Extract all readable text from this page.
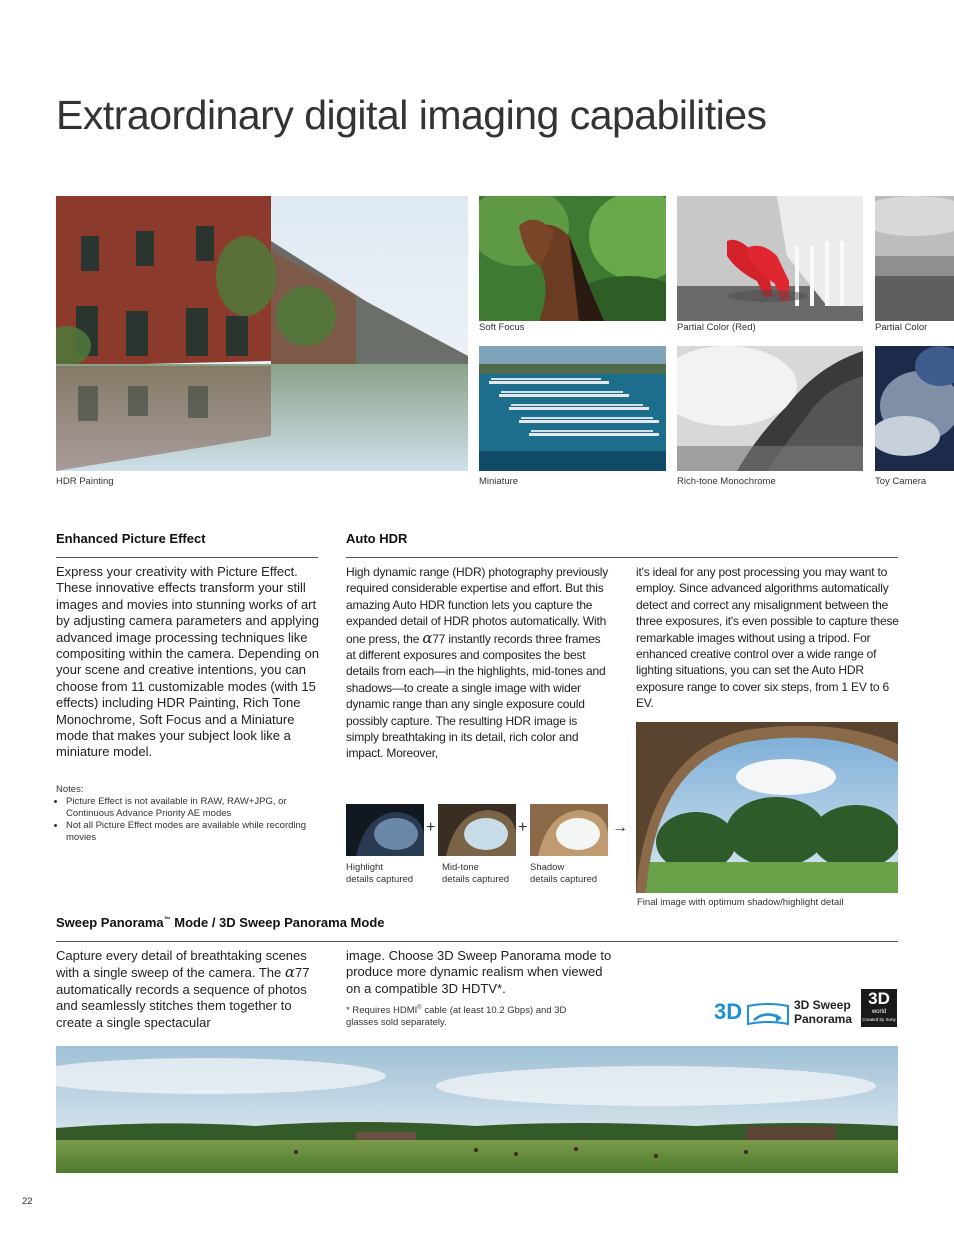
Extraordinary digital imaging capabilities
HDR Painting
Soft Focus	Partial Color (Red)	Partial Color
Miniature	Rich-tone Monochrome	Toy Camera
Enhanced Picture Effect
Express your creativity with Picture Effect. These innovative effects transform your still images and movies into stunning works of art by adjusting camera parameters and applying advanced image processing techniques like compositing within the camera. Depending on your scene and creative intentions, you can choose from 11 customizable modes (with 15 effects) including HDR Painting, Rich Tone Monochrome, Soft Focus and a Miniature mode that makes your subject look like a miniature model.
Notes:
• Picture Effect is not available in RAW, RAW+JPG, or Continuous Advance Priority AE modes
• Not all Picture Effect modes are available while recording movies
Auto HDR
High dynamic range (HDR) photography previously required considerable expertise and effort. But this amazing Auto HDR function lets you capture the expanded detail of HDR photos automatically. With one press, the α77 instantly records three frames at different exposures and composites the best details from each—in the highlights, mid-tones and shadows—to create a single image with wider dynamic range than any single exposure could possibly capture. The resulting HDR image is simply breathtaking in its detail, rich color and impact. Moreover,
it's ideal for any post processing you may want to employ. Since advanced algorithms automatically detect and correct any misalignment between the three exposures, it's even possible to capture these remarkable images without using a tripod. For enhanced creative control over a wide range of lighting situations, you can set the Auto HDR exposure range to cover six steps, from 1 EV to 6 EV.
+	+	→
Highlight
details captured
Mid-tone
details captured
Shadow
details captured
Final image with optimum shadow/highlight detail
Sweep Panorama™ Mode / 3D Sweep Panorama Mode
Capture every detail of breathtaking scenes with a single sweep of the camera. The α77 automatically records a sequence of photos and seamlessly stitches them together to create a single spectacular
image. Choose 3D Sweep Panorama mode to produce more dynamic realism when viewed on a compatible 3D HDTV*.
* Requires HDMI® cable (at least 10.2 Gbps) and 3D glasses sold separately.	3D	3D Sweep
Panorama
3D
world
Created by Sony
22
